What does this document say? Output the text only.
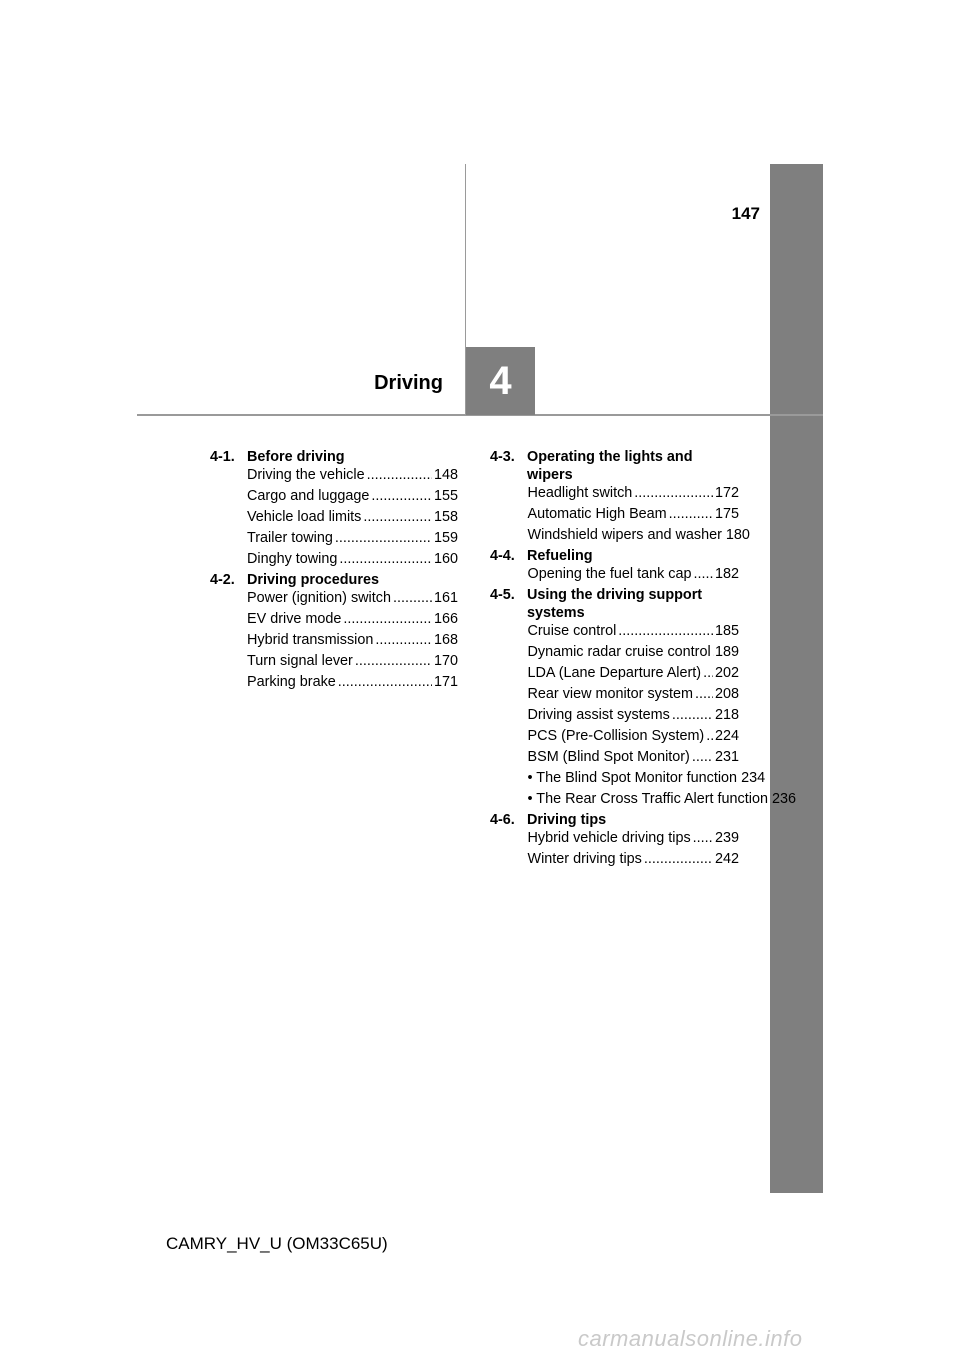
147
Driving 4
4-1. Before driving
Driving the vehicle .....	148
Cargo and luggage .....	155
Vehicle load limits .....	158
Trailer towing .....	159
Dinghy towing .....	160
4-2. Driving procedures
Power (ignition) switch .....	161
EV drive mode .....	166
Hybrid transmission .....	168
Turn signal lever .....	170
Parking brake .....	171
4-3. Operating the lights and wipers
Headlight switch .....	172
Automatic High Beam .....	175
Windshield wipers and washer 180
4-4. Refueling
Opening the fuel tank cap ..... 182
4-5. Using the driving support systems
Cruise control .....	185
Dynamic radar cruise control ..... 189
LDA (Lane Departure Alert) ..... 202
Rear view monitor system ..... 208
Driving assist systems .....	218
PCS (Pre-Collision System) ..... 224
BSM (Blind Spot Monitor) ..... 231
• The Blind Spot Monitor function 234
• The Rear Cross Traffic Alert function 236
4-6. Driving tips
Hybrid vehicle driving tips ..... 239
Winter driving tips .....	242
CAMRY_HV_U (OM33C65U)
carmanualsonline.info
